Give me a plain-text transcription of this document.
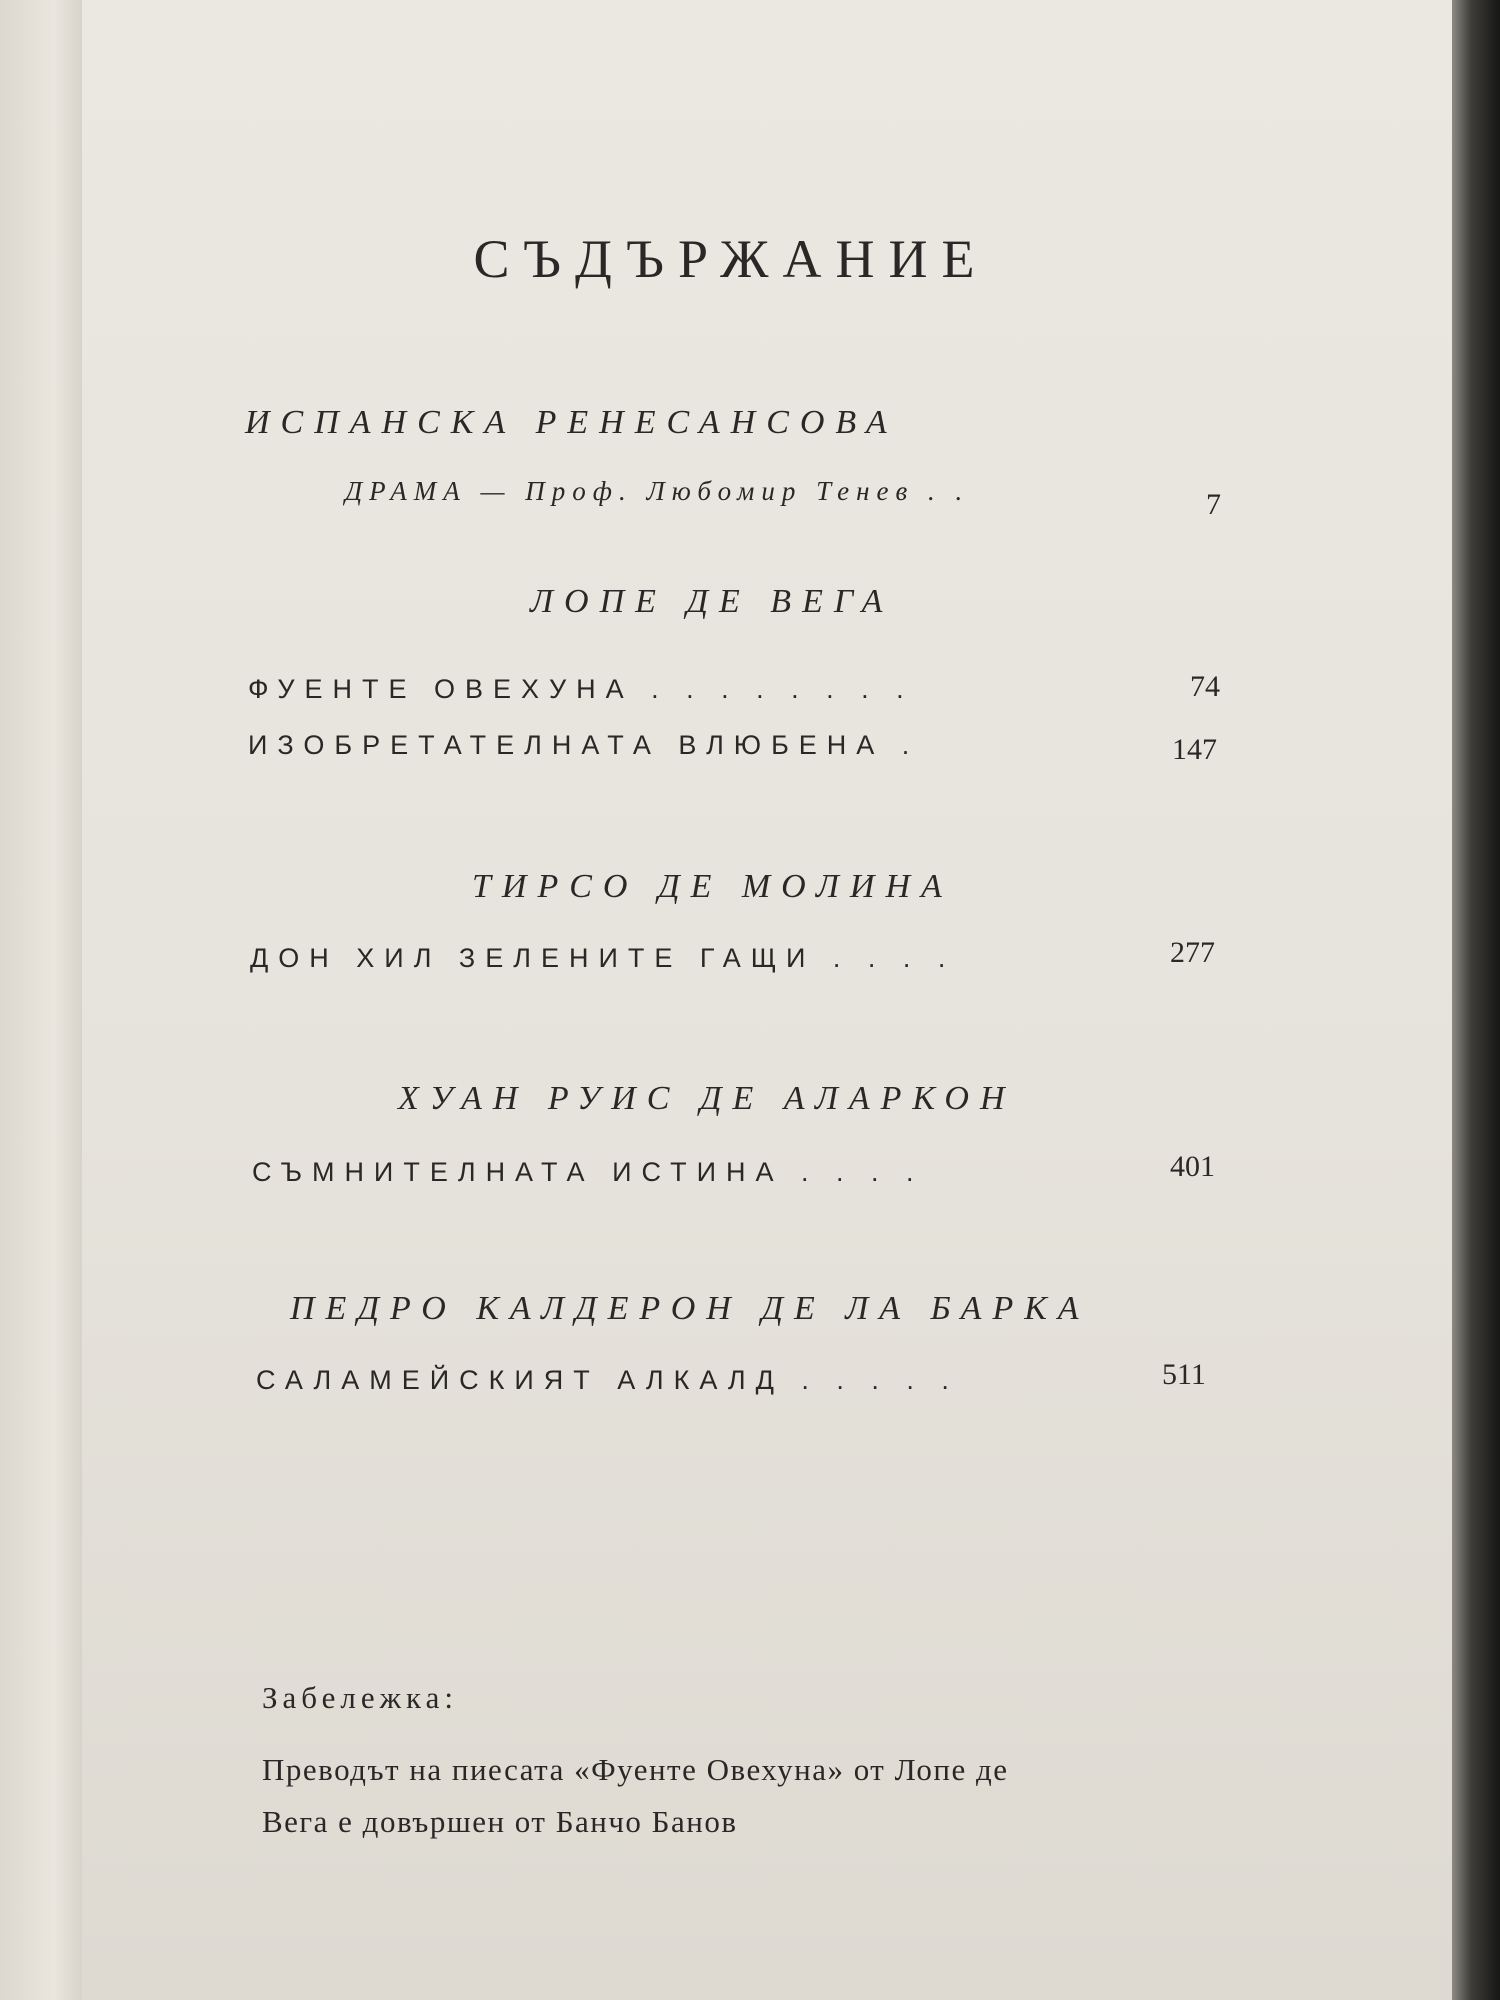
СЪДЪРЖАНИЕ
ИСПАНСКА РЕНЕСАНСОВА
ДРАМА — Проф. Любомир Тенев . .	7
ЛОПЕ ДЕ ВЕГА
ФУЕНТЕ ОВЕХУНА . . . . . . . .	74
ИЗОБРЕТАТЕЛНАТА ВЛЮБЕНА .	147
ТИРСО ДЕ МОЛИНА
ДОН ХИЛ ЗЕЛЕНИТЕ ГАЩИ . . . .	277
ХУАН РУИС ДЕ АЛАРКОН
СЪМНИТЕЛНАТА ИСТИНА . . . .	401
ПЕДРО КАЛДЕРОН ДЕ ЛА БАРКА
САЛАМЕЙСКИЯТ АЛКАЛД . . . . .	511
Забележка:
Преводът на пиесата «Фуенте Овехуна» от Лопе де
Вега е довършен от Банчо Банов
